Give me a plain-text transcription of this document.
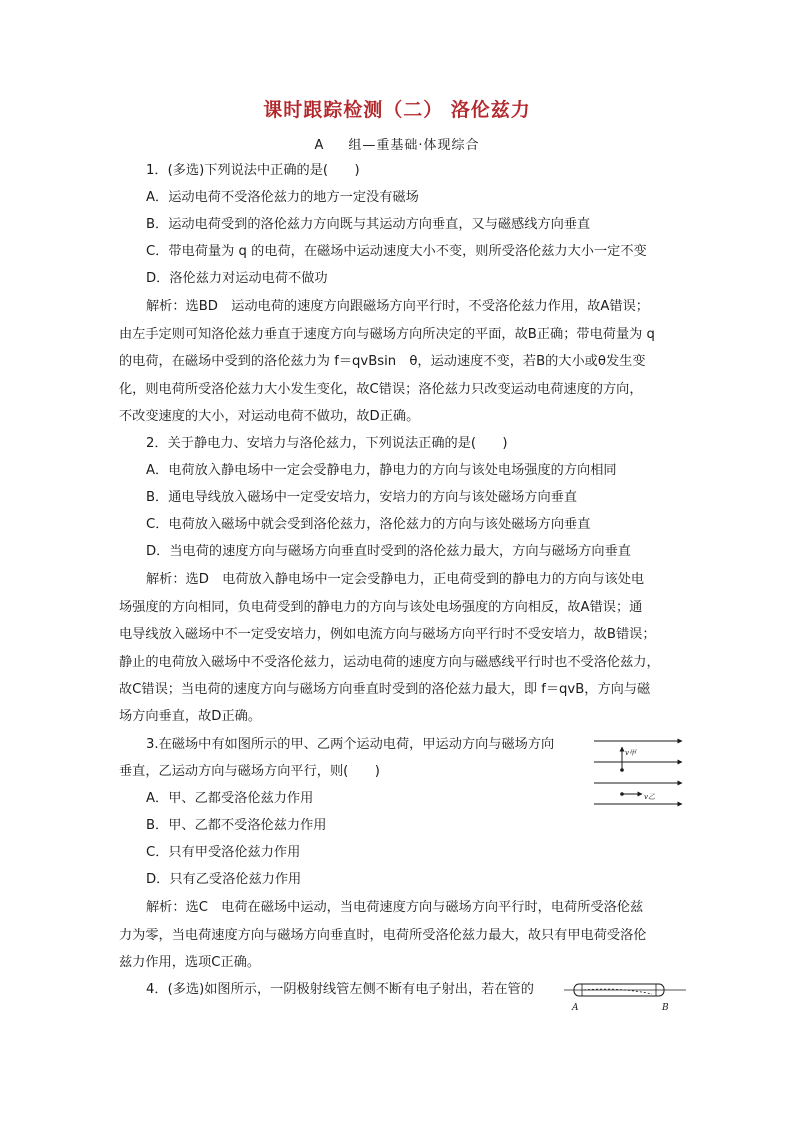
课时跟踪检测（二） 洛伦兹力
A 组—重基础·体现综合
1．(多选)下列说法中正确的是(　　)
A．运动电荷不受洛伦兹力的地方一定没有磁场
B．运动电荷受到的洛伦兹力方向既与其运动方向垂直，又与磁感线方向垂直
C．带电荷量为 q 的电荷，在磁场中运动速度大小不变，则所受洛伦兹力大小一定不变
D．洛伦兹力对运动电荷不做功
解析：选BD　运动电荷的速度方向跟磁场方向平行时，不受洛伦兹力作用，故A错误；
由左手定则可知洛伦兹力垂直于速度方向与磁场方向所决定的平面，故B正确；带电荷量为 q
的电荷，在磁场中受到的洛伦兹力为 f＝qvBsin　θ，运动速度不变，若B的大小或θ发生变
化，则电荷所受洛伦兹力大小发生变化，故C错误；洛伦兹力只改变运动电荷速度的方向，
不改变速度的大小，对运动电荷不做功，故D正确。
2．关于静电力、安培力与洛伦兹力，下列说法正确的是(　　)
A．电荷放入静电场中一定会受静电力，静电力的方向与该处电场强度的方向相同
B．通电导线放入磁场中一定受安培力，安培力的方向与该处磁场方向垂直
C．电荷放入磁场中就会受到洛伦兹力，洛伦兹力的方向与该处磁场方向垂直
D．当电荷的速度方向与磁场方向垂直时受到的洛伦兹力最大，方向与磁场方向垂直
解析：选D　电荷放入静电场中一定会受静电力，正电荷受到的静电力的方向与该处电
场强度的方向相同，负电荷受到的静电力的方向与该处电场强度的方向相反，故A错误；通
电导线放入磁场中不一定受安培力，例如电流方向与磁场方向平行时不受安培力，故B错误；
静止的电荷放入磁场中不受洛伦兹力，运动电荷的速度方向与磁感线平行时也不受洛伦兹力，
故C错误；当电荷的速度方向与磁场方向垂直时受到的洛伦兹力最大，即 f＝qvB，方向与磁
场方向垂直，故D正确。
3.在磁场中有如图所示的甲、乙两个运动电荷，甲运动方向与磁场方向
垂直，乙运动方向与磁场方向平行，则(　　)
A．甲、乙都受洛伦兹力作用
B．甲、乙都不受洛伦兹力作用
C．只有甲受洛伦兹力作用
D．只有乙受洛伦兹力作用
解析：选C　电荷在磁场中运动，当电荷速度方向与磁场方向平行时，电荷所受洛伦兹
力为零，当电荷速度方向与磁场方向垂直时，电荷所受洛伦兹力最大，故只有甲电荷受洛伦
兹力作用，选项C正确。
v甲
v乙
4．(多选)如图所示，一阴极射线管左侧不断有电子射出，若在管的
A	B
